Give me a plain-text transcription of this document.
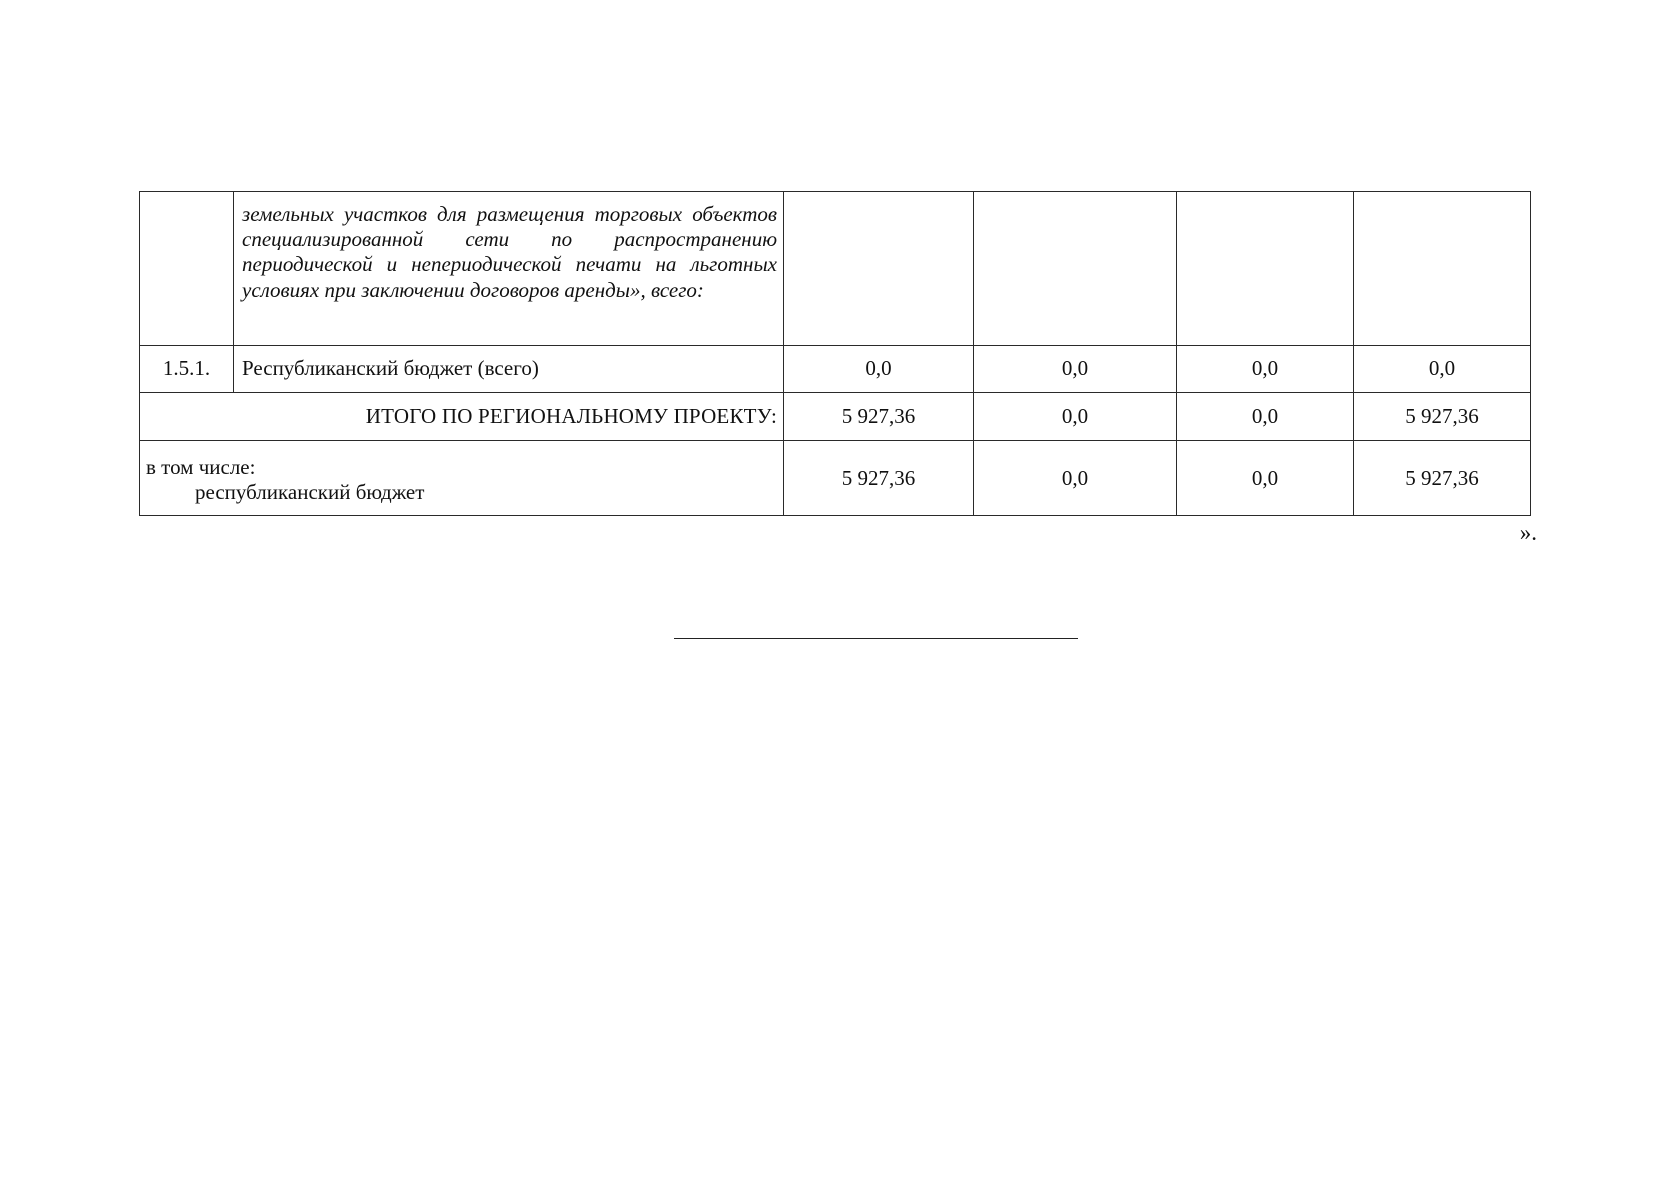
	земельных участков для размещения торговых объектов специализированной сети по распространению периодической и непериодической печати на льготных условиях при заключении договоров аренды», всего:				
1.5.1.	Республиканский бюджет (всего)	0,0	0,0	0,0	0,0
ИТОГО ПО РЕГИОНАЛЬНОМУ ПРОЕКТУ:		5 927,36	0,0	0,0	5 927,36

в том числе:
республиканский бюджет		5 927,36	0,0	0,0	5 927,36
».
